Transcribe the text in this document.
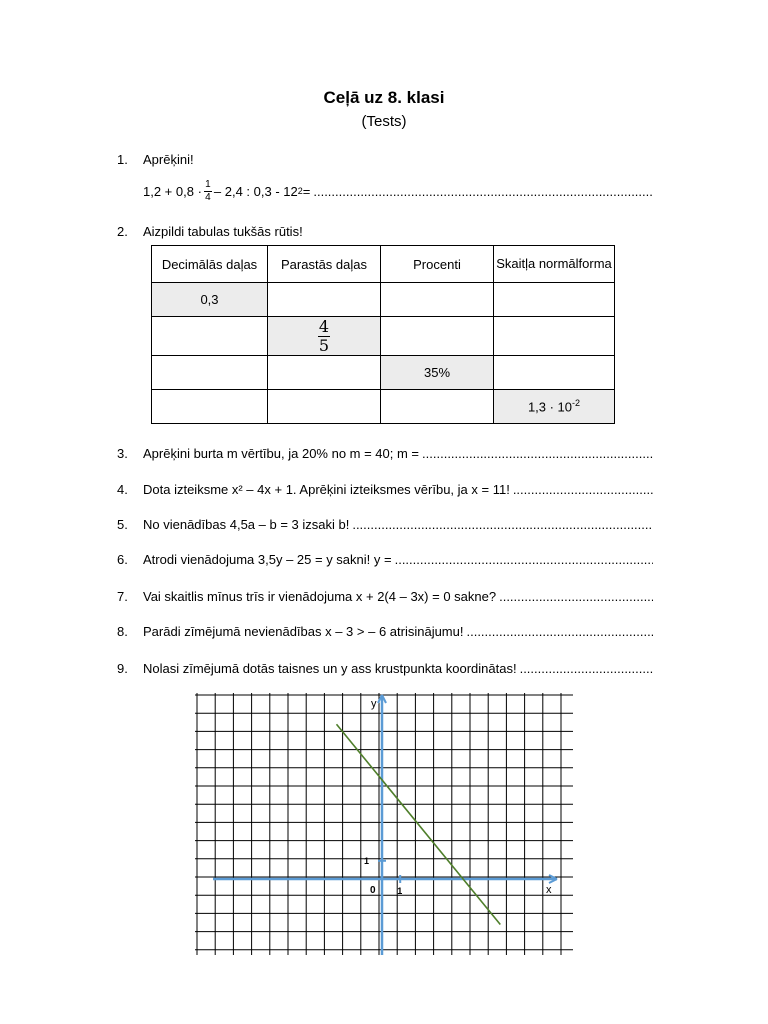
Ceļā uz 8. klasi
(Tests)
1.	Aprēķini!
$1,2 + 0,8 \cdot \frac{1}{4} - 2,4$ : 0,3 - 12 2 =
.....
2.	Aizpildi tabulas tukšās rūtis!
Decimālās daļas	Parastās daļas	Procenti	Skaitļa normālforma
0,3			

	$\frac{4}{5}$

		35%	
			$1,3 \cdot 10^{-2}$
3.	Aprēķini burta m vērtību, ja 20% no m = 40; m =
.....
4.	Dota izteiksme x² – 4x + 1. Aprēķini izteiksmes vērību, ja x = 11!
.....
5.	No vienādības 4,5a – b = 3 izsaki b!
.....
6.	Atrodi vienādojuma 3,5y – 25 = y sakni! y =
.....
7.	Vai skaitlis mīnus trīs ir vienādojuma x + 2(4 – 3x) = 0 sakne?
.....
8.	Parādi zīmējumā nevienādības x – 3 > – 6 atrisinājumu!
.....
9.	Nolasi zīmējumā dotās taisnes un y ass krustpunkta koordinātas!
.....
y
x
0 1
1
